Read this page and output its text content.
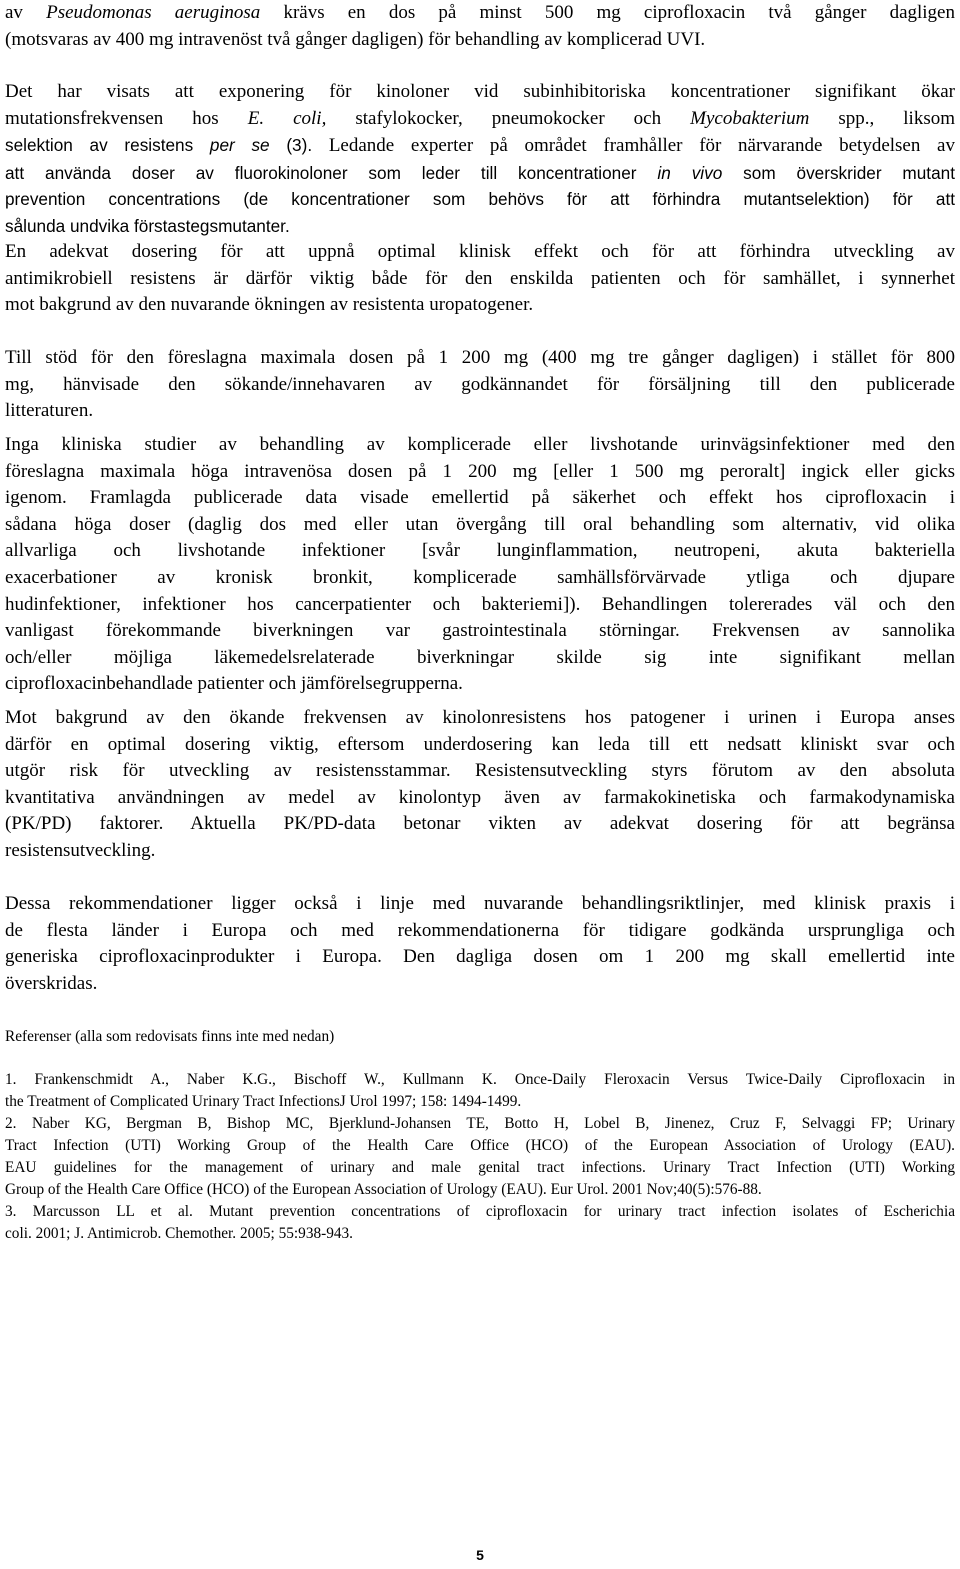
av Pseudomonas aeruginosa krävs en dos på minst 500 mg ciprofloxacin två gånger dagligen
(motsvaras av 400 mg intravenöst två gånger dagligen) för behandling av komplicerad UVI.
Det har visats att exponering för kinoloner vid subinhibitoriska koncentrationer signifikant ökar
mutationsfrekvensen hos E. coli, stafylokocker, pneumokocker och Mycobakterium spp., liksom
selektion av resistens per se (3). Ledande experter på området framhåller för närvarande betydelsen av
att använda doser av fluorokinoloner som leder till koncentrationer in vivo som överskrider mutant
prevention concentrations (de koncentrationer som behövs för att förhindra mutantselektion) för att
sålunda undvika förstastegsmutanter.
En adekvat dosering för att uppnå optimal klinisk effekt och för att förhindra utveckling av
antimikrobiell resistens är därför viktig både för den enskilda patienten och för samhället, i synnerhet
mot bakgrund av den nuvarande ökningen av resistenta uropatogener.
Till stöd för den föreslagna maximala dosen på 1 200 mg (400 mg tre gånger dagligen) i stället för 800
mg, hänvisade den sökande/innehavaren av godkännandet för försäljning till den publicerade
litteraturen.
Inga kliniska studier av behandling av komplicerade eller livshotande urinvägsinfektioner med den
föreslagna maximala höga intravenösa dosen på 1 200 mg [eller 1 500 mg peroralt] ingick eller gicks
igenom. Framlagda publicerade data visade emellertid på säkerhet och effekt hos ciprofloxacin i
sådana höga doser (daglig dos med eller utan övergång till oral behandling som alternativ, vid olika
allvarliga och livshotande infektioner [svår lunginflammation, neutropeni, akuta bakteriella
exacerbationer av kronisk bronkit, komplicerade samhällsförvärvade ytliga och djupare
hudinfektioner, infektioner hos cancerpatienter och bakteriemi]). Behandlingen tolererades väl och den
vanligast förekommande biverkningen var gastrointestinala störningar. Frekvensen av sannolika
och/eller möjliga läkemedelsrelaterade biverkningar skilde sig inte signifikant mellan
ciprofloxacinbehandlade patienter och jämförelsegrupperna.
Mot bakgrund av den ökande frekvensen av kinolonresistens hos patogener i urinen i Europa anses
därför en optimal dosering viktig, eftersom underdosering kan leda till ett nedsatt kliniskt svar och
utgör risk för utveckling av resistensstammar. Resistensutveckling styrs förutom av den absoluta
kvantitativa användningen av medel av kinolontyp även av farmakokinetiska och farmakodynamiska
(PK/PD) faktorer. Aktuella PK/PD-data betonar vikten av adekvat dosering för att begränsa
resistensutveckling.
Dessa rekommendationer ligger också i linje med nuvarande behandlingsriktlinjer, med klinisk praxis i
de flesta länder i Europa och med rekommendationerna för tidigare godkända ursprungliga och
generiska ciprofloxacinprodukter i Europa. Den dagliga dosen om 1 200 mg skall emellertid inte
överskridas.
Referenser (alla som redovisats finns inte med nedan)
1. Frankenschmidt A., Naber K.G., Bischoff W., Kullmann K. Once-Daily Fleroxacin Versus Twice-Daily Ciprofloxacin in
the Treatment of Complicated Urinary Tract InfectionsJ Urol 1997; 158: 1494-1499.
2. Naber KG, Bergman B, Bishop MC, Bjerklund-Johansen TE, Botto H, Lobel B, Jinenez, Cruz F, Selvaggi FP; Urinary
Tract Infection (UTI) Working Group of the Health Care Office (HCO) of the European Association of Urology (EAU).
EAU guidelines for the management of urinary and male genital tract infections. Urinary Tract Infection (UTI) Working
Group of the Health Care Office (HCO) of the European Association of Urology (EAU). Eur Urol. 2001 Nov;40(5):576-88.
3. Marcusson LL et al. Mutant prevention concentrations of ciprofloxacin for urinary tract infection isolates of Escherichia
coli. 2001; J. Antimicrob. Chemother. 2005; 55:938-943.
5
